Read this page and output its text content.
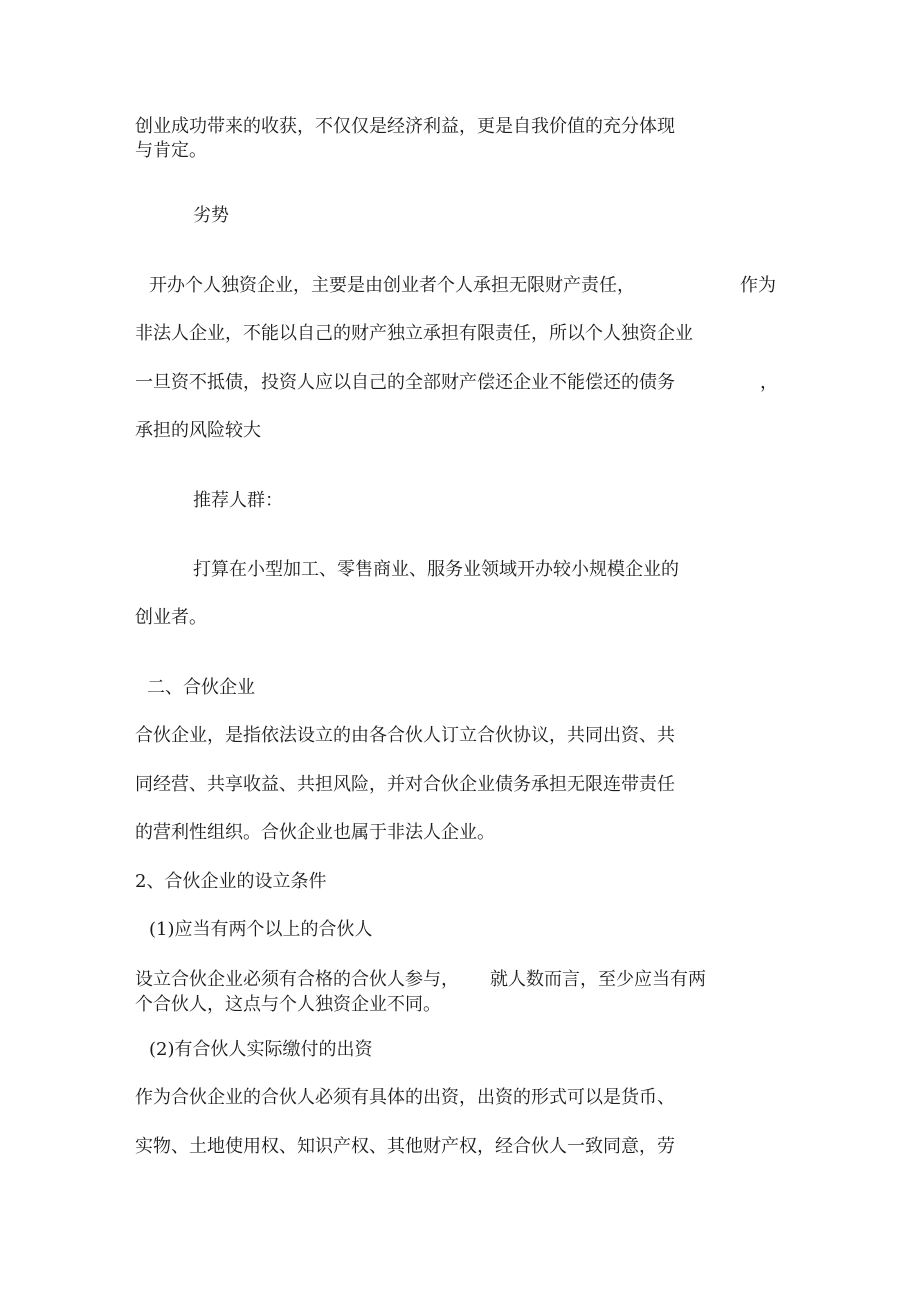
创业成功带来的收获，不仅仅是经济利益，更是自我价值的充分体现
与肯定。
劣势
开办个人独资企业，主要是由创业者个人承担无限财产责任，	作为
非法人企业，不能以自己的财产独立承担有限责任，所以个人独资企业
一旦资不抵债，投资人应以自己的全部财产偿还企业不能偿还的债务	，
承担的风险较大
推荐人群：
打算在小型加工、零售商业、服务业领域开办较小规模企业的
创业者。
二、合伙企业
合伙企业，是指依法设立的由各合伙人订立合伙协议，共同出资、共
同经营、共享收益、共担风险，并对合伙企业债务承担无限连带责任
的营利性组织。合伙企业也属于非法人企业。
2、合伙企业的设立条件
(1)应当有两个以上的合伙人
设立合伙企业必须有合格的合伙人参与， 就人数而言，至少应当有两
个合伙人，这点与个人独资企业不同。
(2)有合伙人实际缴付的出资
作为合伙企业的合伙人必须有具体的出资，出资的形式可以是货币、
实物、土地使用权、知识产权、其他财产权，经合伙人一致同意，劳
